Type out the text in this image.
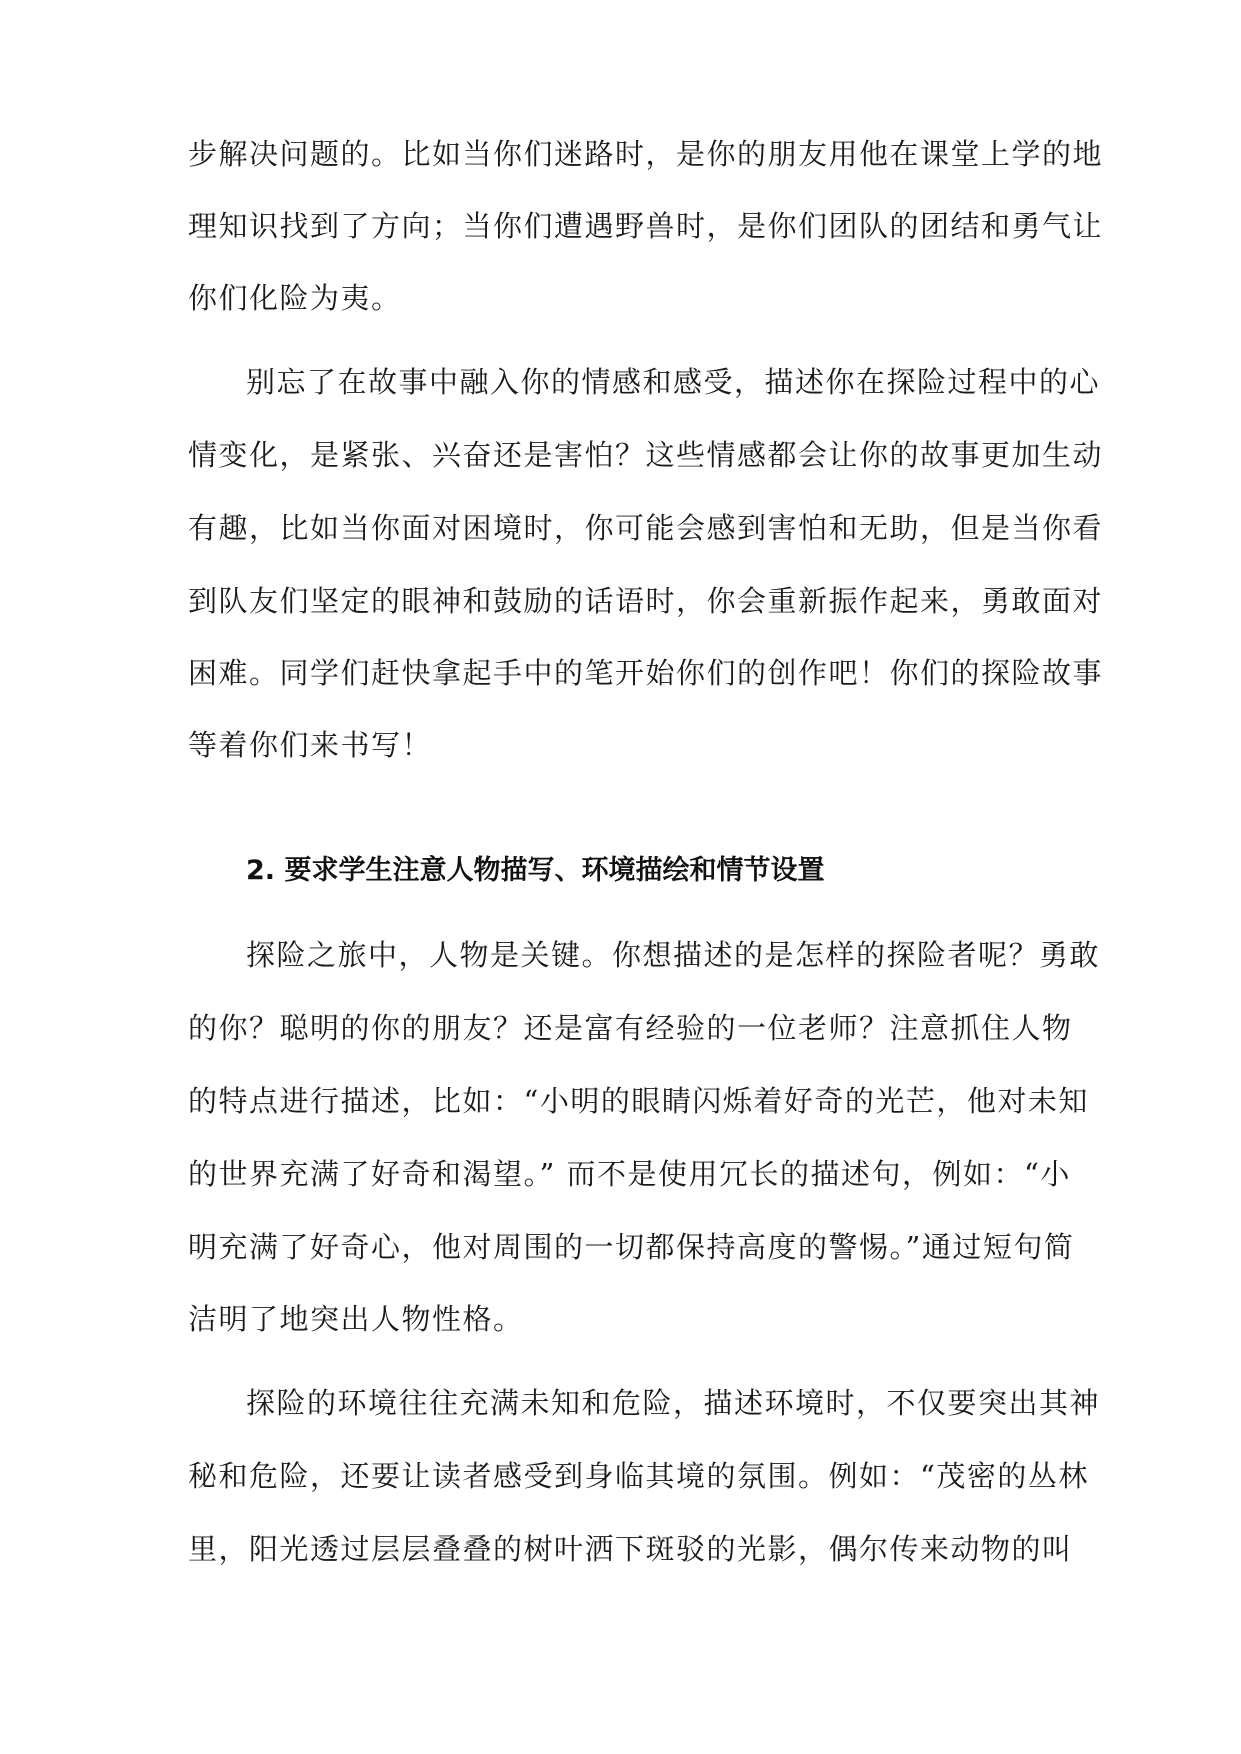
步解决问题的。比如当你们迷路时，是你的朋友用他在课堂上学的地
理知识找到了方向；当你们遭遇野兽时，是你们团队的团结和勇气让
你们化险为夷。
别忘了在故事中融入你的情感和感受，描述你在探险过程中的心
情变化，是紧张、兴奋还是害怕？这些情感都会让你的故事更加生动
有趣，比如当你面对困境时，你可能会感到害怕和无助，但是当你看
到队友们坚定的眼神和鼓励的话语时，你会重新振作起来，勇敢面对
困难。同学们赶快拿起手中的笔开始你们的创作吧！你们的探险故事
等着你们来书写！
2. 要求学生注意人物描写、环境描绘和情节设置
探险之旅中，人物是关键。你想描述的是怎样的探险者呢？勇敢
的你？聪明的你的朋友？还是富有经验的一位老师？注意抓住人物
的特点进行描述，比如：“小明的眼睛闪烁着好奇的光芒，他对未知
的世界充满了好奇和渴望。” 而不是使用冗长的描述句，例如：“小
明充满了好奇心，他对周围的一切都保持高度的警惕。”通过短句简
洁明了地突出人物性格。
探险的环境往往充满未知和危险，描述环境时，不仅要突出其神
秘和危险，还要让读者感受到身临其境的氛围。例如：“茂密的丛林
里，阳光透过层层叠叠的树叶洒下斑驳的光影，偶尔传来动物的叫
